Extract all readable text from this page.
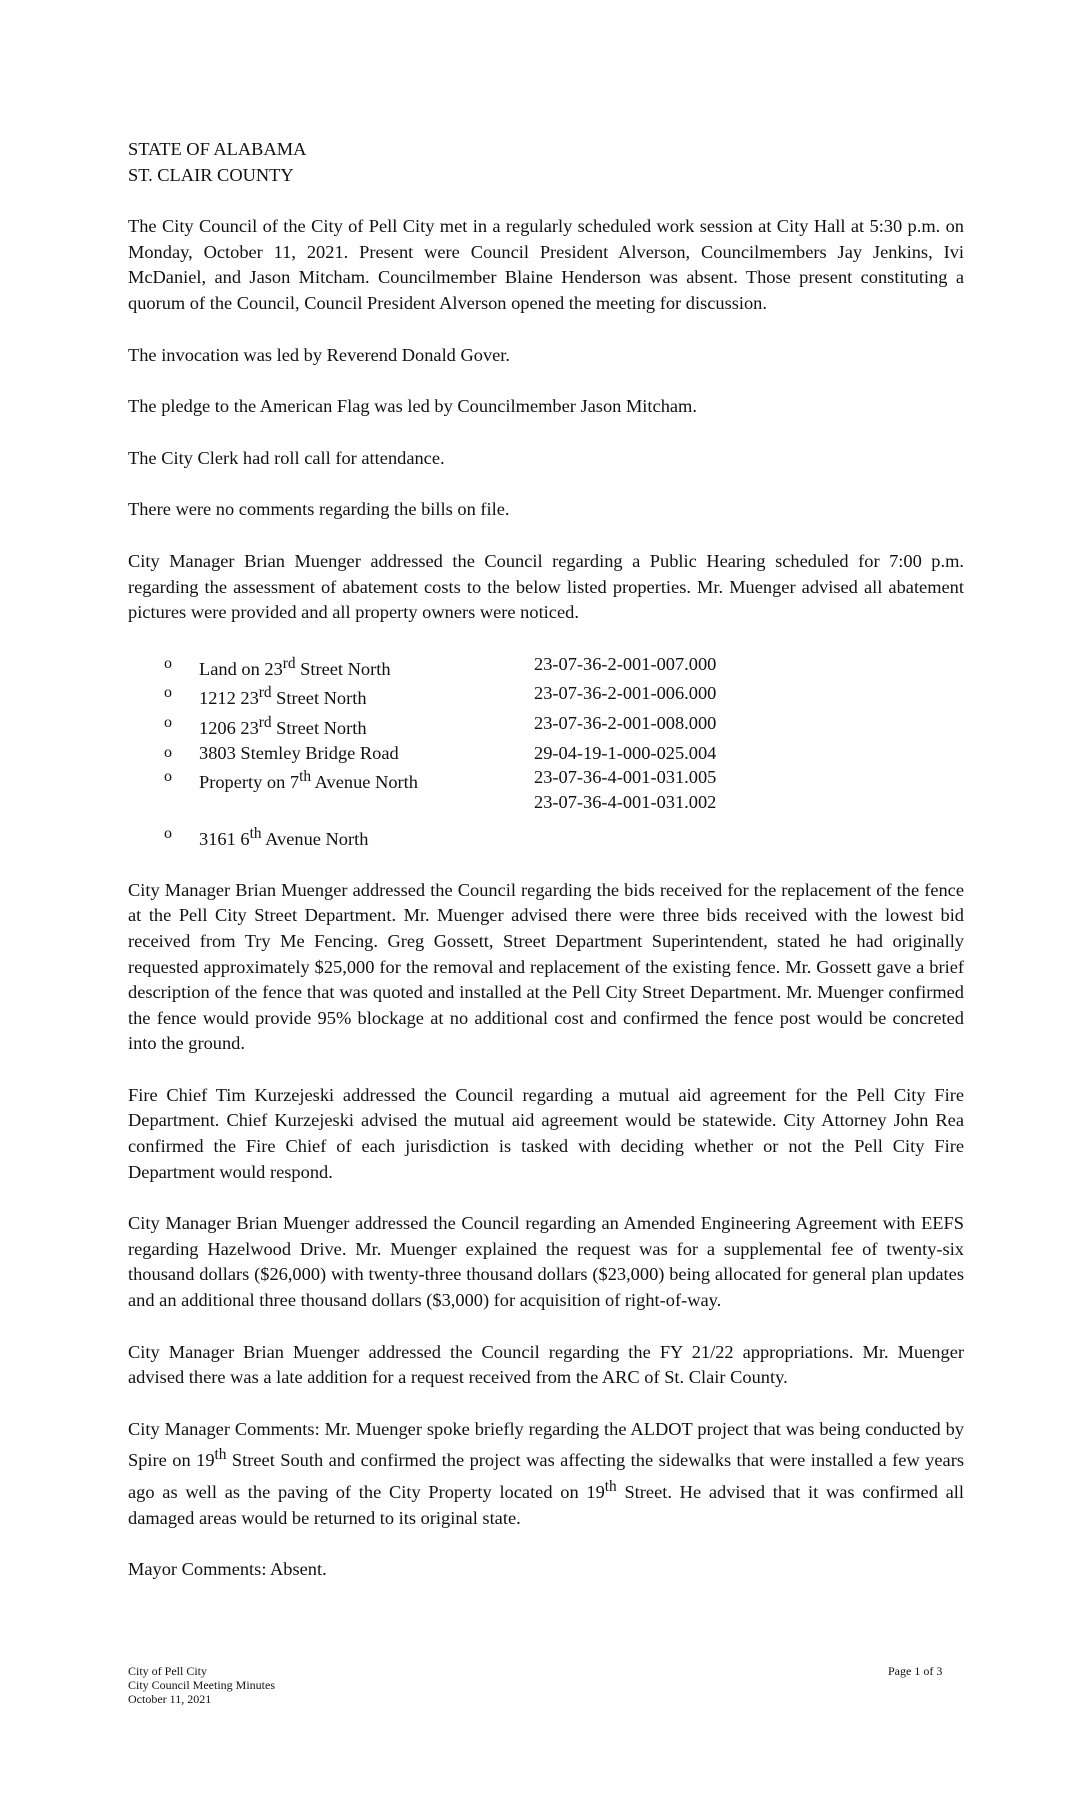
STATE OF ALABAMA

ST. CLAIR COUNTY

The City Council of the City of Pell City met in a regularly scheduled work session at City Hall at 5:30 p.m. on Monday, October 11, 2021. Present were Council President Alverson, Councilmembers Jay Jenkins, Ivi McDaniel, and Jason Mitcham. Councilmember Blaine Henderson was absent. Those present constituting a quorum of the Council, Council President Alverson opened the meeting for discussion.

The invocation was led by Reverend Donald Gover.

The pledge to the American Flag was led by Councilmember Jason Mitcham.

The City Clerk had roll call for attendance.

There were no comments regarding the bills on file.

City Manager Brian Muenger addressed the Council regarding a Public Hearing scheduled for 7:00 p.m. regarding the assessment of abatement costs to the below listed properties. Mr. Muenger advised all abatement pictures were provided and all property owners were noticed.

o	Land on 23rd Street North	23-07-36-2-001-007.000
o	1212 23rd Street North	23-07-36-2-001-006.000
o	1206 23rd Street North	23-07-36-2-001-008.000
o	3803 Stemley Bridge Road	29-04-19-1-000-025.004
o	Property on 7th Avenue North	23-07-36-4-001-031.005
23-07-36-4-001-031.002
o	3161 6th Avenue North

City Manager Brian Muenger addressed the Council regarding the bids received for the replacement of the fence at the Pell City Street Department. Mr. Muenger advised there were three bids received with the lowest bid received from Try Me Fencing. Greg Gossett, Street Department Superintendent, stated he had originally requested approximately $25,000 for the removal and replacement of the existing fence. Mr. Gossett gave a brief description of the fence that was quoted and installed at the Pell City Street Department. Mr. Muenger confirmed the fence would provide 95% blockage at no additional cost and confirmed the fence post would be concreted into the ground.

Fire Chief Tim Kurzejeski addressed the Council regarding a mutual aid agreement for the Pell City Fire Department. Chief Kurzejeski advised the mutual aid agreement would be statewide. City Attorney John Rea confirmed the Fire Chief of each jurisdiction is tasked with deciding whether or not the Pell City Fire Department would respond.

City Manager Brian Muenger addressed the Council regarding an Amended Engineering Agreement with EEFS regarding Hazelwood Drive. Mr. Muenger explained the request was for a supplemental fee of twenty-six thousand dollars ($26,000) with twenty-three thousand dollars ($23,000) being allocated for general plan updates and an additional three thousand dollars ($3,000) for acquisition of right-of-way.

City Manager Brian Muenger addressed the Council regarding the FY 21/22 appropriations. Mr. Muenger advised there was a late addition for a request received from the ARC of St. Clair County.

City Manager Comments: Mr. Muenger spoke briefly regarding the ALDOT project that was being conducted by Spire on 19th Street South and confirmed the project was affecting the sidewalks that were installed a few years ago as well as the paving of the City Property located on 19th Street. He advised that it was confirmed all damaged areas would be returned to its original state.

Mayor Comments: Absent.

City of Pell City
City Council Meeting Minutes
October 11, 2021
Page 1 of 3
